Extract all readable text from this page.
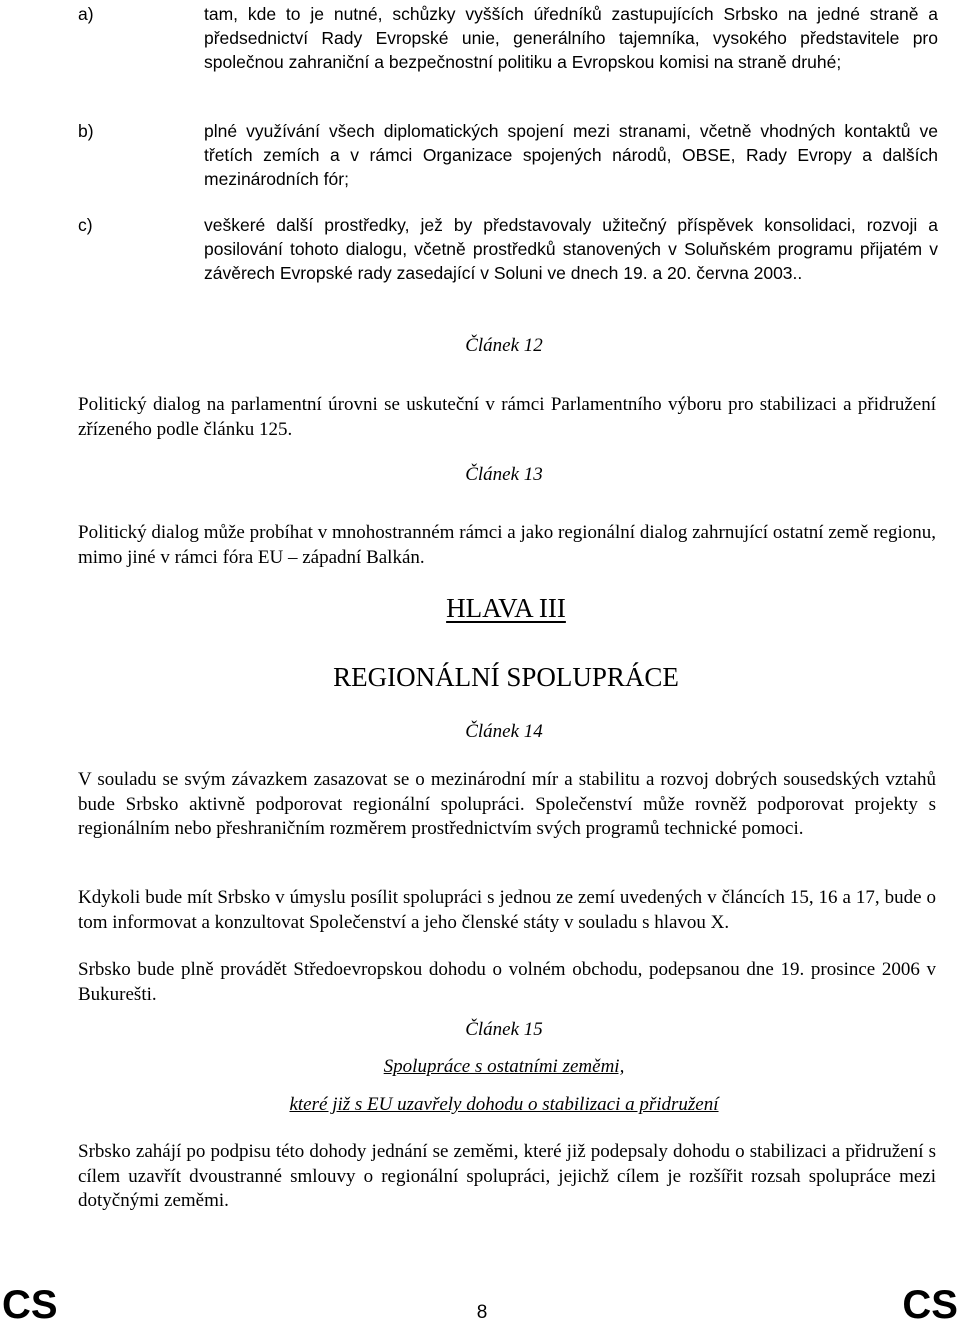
a)	tam, kde to je nutné, schůzky vyšších úředníků zastupujících Srbsko na jedné straně a předsednictví Rady Evropské unie, generálního tajemníka, vysokého představitele pro společnou zahraniční a bezpečnostní politiku a Evropskou komisi na straně druhé;
b)	plné využívání všech diplomatických spojení mezi stranami, včetně vhodných kontaktů ve třetích zemích a v rámci Organizace spojených národů, OBSE, Rady Evropy a dalších mezinárodních fór;
c)	veškeré další prostředky, jež by představovaly užitečný příspěvek konsolidaci, rozvoji a posilování tohoto dialogu, včetně prostředků stanovených v Soluňském programu přijatém v závěrech Evropské rady zasedající v Soluni ve dnech 19. a 20. června 2003..
Článek 12
Politický dialog na parlamentní úrovni se uskuteční v rámci Parlamentního výboru pro stabilizaci a přidružení zřízeného podle článku 125.
Článek 13
Politický dialog může probíhat v mnohostranném rámci a jako regionální dialog zahrnující ostatní země regionu, mimo jiné v rámci fóra EU – západní Balkán.
HLAVA III
REGIONÁLNÍ SPOLUPRÁCE
Článek 14
V souladu se svým závazkem zasazovat se o mezinárodní mír a stabilitu a rozvoj dobrých sousedských vztahů bude Srbsko aktivně podporovat regionální spolupráci. Společenství může rovněž podporovat projekty s regionálním nebo přeshraničním rozměrem prostřednictvím svých programů technické pomoci.
Kdykoli bude mít Srbsko v úmyslu posílit spolupráci s jednou ze zemí uvedených v článcích 15, 16 a 17, bude o tom informovat a konzultovat Společenství a jeho členské státy v souladu s hlavou X.
Srbsko bude plně provádět Středoevropskou dohodu o volném obchodu, podepsanou dne 19. prosince 2006 v Bukurešti.
Článek 15
Spolupráce s ostatními zeměmi,
které již s EU uzavřely dohodu o stabilizaci a přidružení
Srbsko zahájí po podpisu této dohody jednání se zeměmi, které již podepsaly dohodu o stabilizaci a přidružení s cílem uzavřít dvoustranné smlouvy o regionální spolupráci, jejichž cílem je rozšířit rozsah spolupráce mezi dotyčnými zeměmi.
CS	8	CS
